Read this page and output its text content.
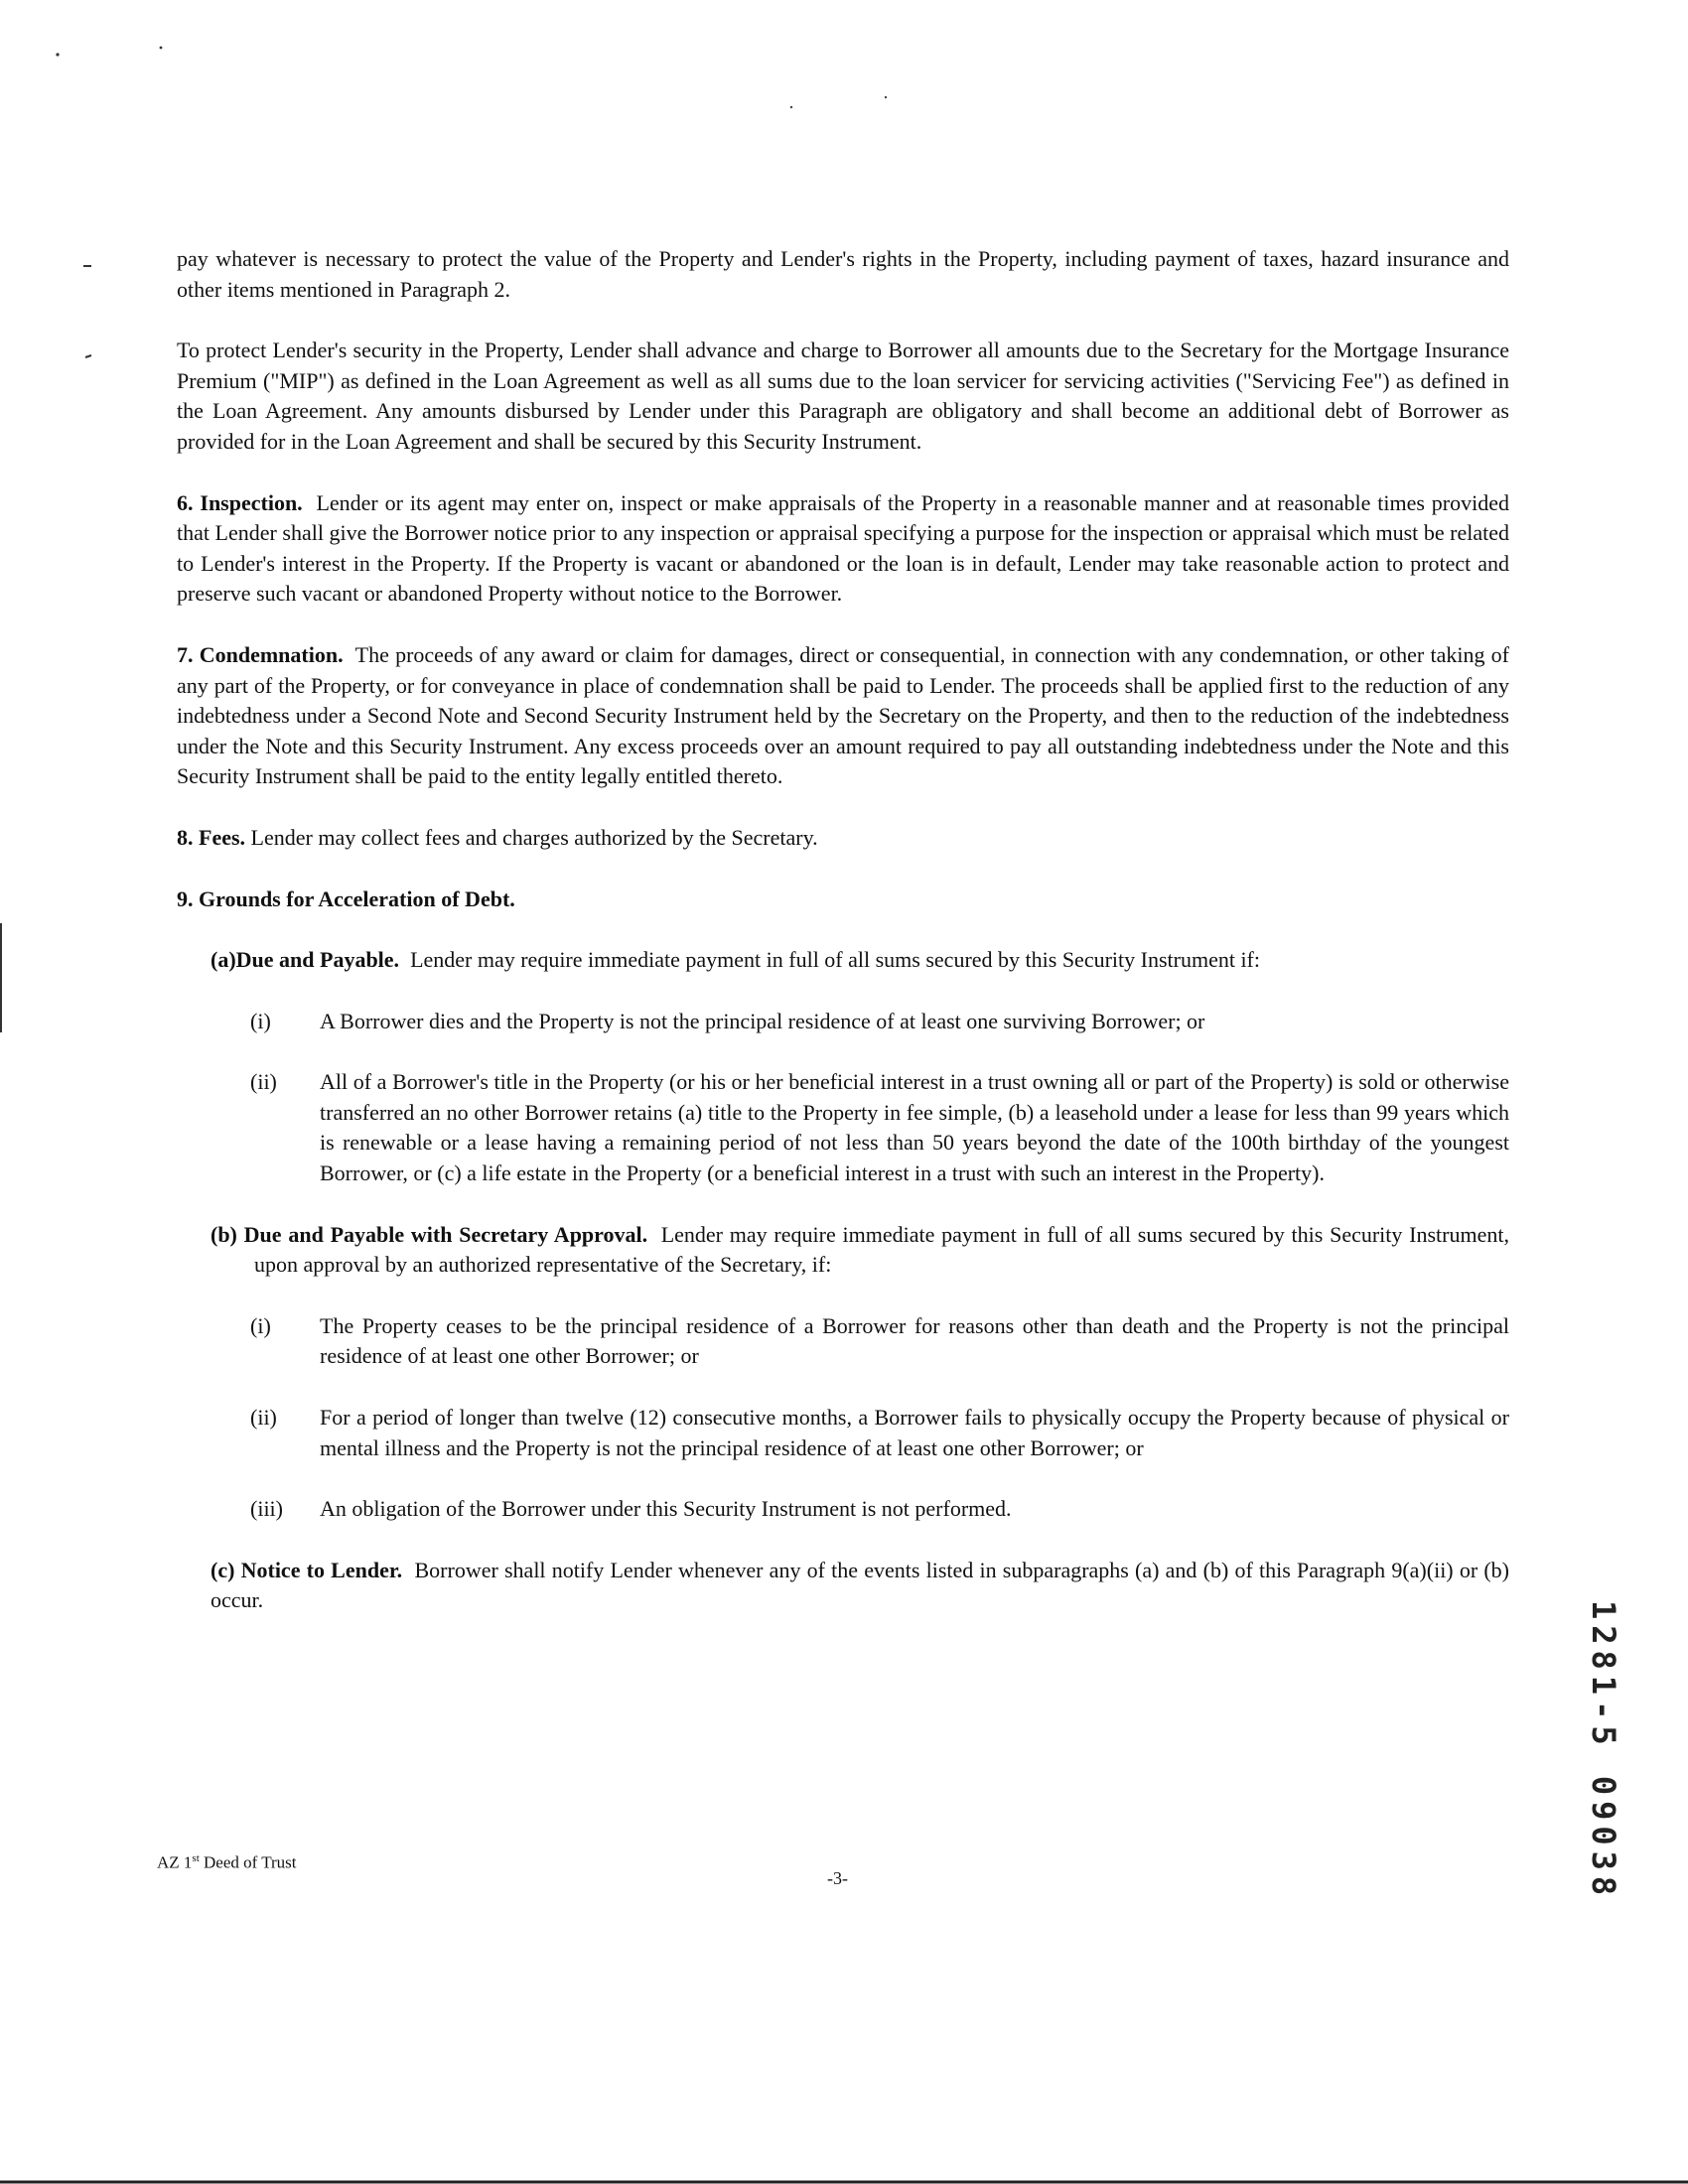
pay whatever is necessary to protect the value of the Property and Lender's rights in the Property, including payment of taxes, hazard insurance and other items mentioned in Paragraph 2.

To protect Lender's security in the Property, Lender shall advance and charge to Borrower all amounts due to the Secretary for the Mortgage Insurance Premium ("MIP") as defined in the Loan Agreement as well as all sums due to the loan servicer for servicing activities ("Servicing Fee") as defined in the Loan Agreement. Any amounts disbursed by Lender under this Paragraph are obligatory and shall become an additional debt of Borrower as provided for in the Loan Agreement and shall be secured by this Security Instrument.

6. Inspection. Lender or its agent may enter on, inspect or make appraisals of the Property in a reasonable manner and at reasonable times provided that Lender shall give the Borrower notice prior to any inspection or appraisal specifying a purpose for the inspection or appraisal which must be related to Lender's interest in the Property. If the Property is vacant or abandoned or the loan is in default, Lender may take reasonable action to protect and preserve such vacant or abandoned Property without notice to the Borrower.

7. Condemnation. The proceeds of any award or claim for damages, direct or consequential, in connection with any condemnation, or other taking of any part of the Property, or for conveyance in place of condemnation shall be paid to Lender. The proceeds shall be applied first to the reduction of any indebtedness under a Second Note and Second Security Instrument held by the Secretary on the Property, and then to the reduction of the indebtedness under the Note and this Security Instrument. Any excess proceeds over an amount required to pay all outstanding indebtedness under the Note and this Security Instrument shall be paid to the entity legally entitled thereto.

8. Fees. Lender may collect fees and charges authorized by the Secretary.

9. Grounds for Acceleration of Debt.

(a)Due and Payable. Lender may require immediate payment in full of all sums secured by this Security Instrument if:
(i) A Borrower dies and the Property is not the principal residence of at least one surviving Borrower; or
(ii) All of a Borrower's title in the Property (or his or her beneficial interest in a trust owning all or part of the Property) is sold or otherwise transferred an no other Borrower retains (a) title to the Property in fee simple, (b) a leasehold under a lease for less than 99 years which is renewable or a lease having a remaining period of not less than 50 years beyond the date of the 100th birthday of the youngest Borrower, or (c) a life estate in the Property (or a beneficial interest in a trust with such an interest in the Property).
(b) Due and Payable with Secretary Approval. Lender may require immediate payment in full of all sums secured by this Security Instrument, upon approval by an authorized representative of the Secretary, if:
(i) The Property ceases to be the principal residence of a Borrower for reasons other than death and the Property is not the principal residence of at least one other Borrower; or
(ii) For a period of longer than twelve (12) consecutive months, a Borrower fails to physically occupy the Property because of physical or mental illness and the Property is not the principal residence of at least one other Borrower; or
(iii) An obligation of the Borrower under this Security Instrument is not performed.
(c) Notice to Lender. Borrower shall notify Lender whenever any of the events listed in subparagraphs (a) and (b) of this Paragraph 9(a)(ii) or (b) occur.
AZ 1st Deed of Trust
-3-	1281-5 09038
